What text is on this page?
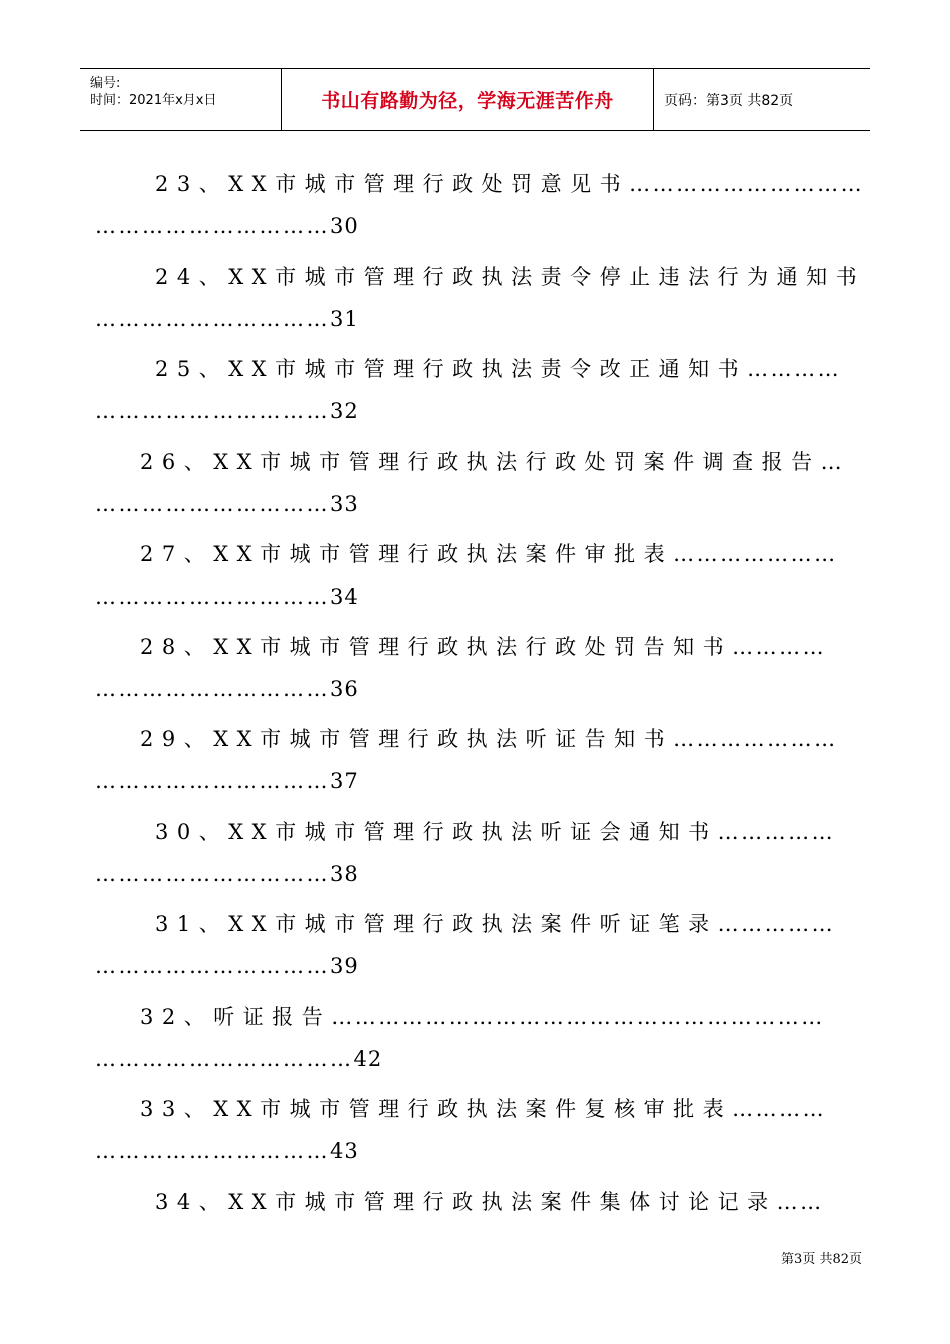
编号:
时间：2021年x月x日	书山有路勤为径，学海无涯苦作舟	页码：第3页 共82页
23、XX市城市管理行政处罚意见书…………………………
…………………………30
24、XX市城市管理行政执法责令停止违法行为通知书
…………………………31
25、XX市城市管理行政执法责令改正通知书…………
…………………………32
26、XX市城市管理行政执法行政处罚案件调查报告…
…………………………33
27、XX市城市管理行政执法案件审批表…………………
…………………………34
28、XX市城市管理行政执法行政处罚告知书…………
…………………………36
29、XX市城市管理行政执法听证告知书…………………
…………………………37
30、XX市城市管理行政执法听证会通知书……………
…………………………38
31、XX市城市管理行政执法案件听证笔录……………
…………………………39
32、听证报告………………………………………………………
……………………………42
33、XX市城市管理行政执法案件复核审批表…………
…………………………43
34、XX市城市管理行政执法案件集体讨论记录……
第3页 共82页
